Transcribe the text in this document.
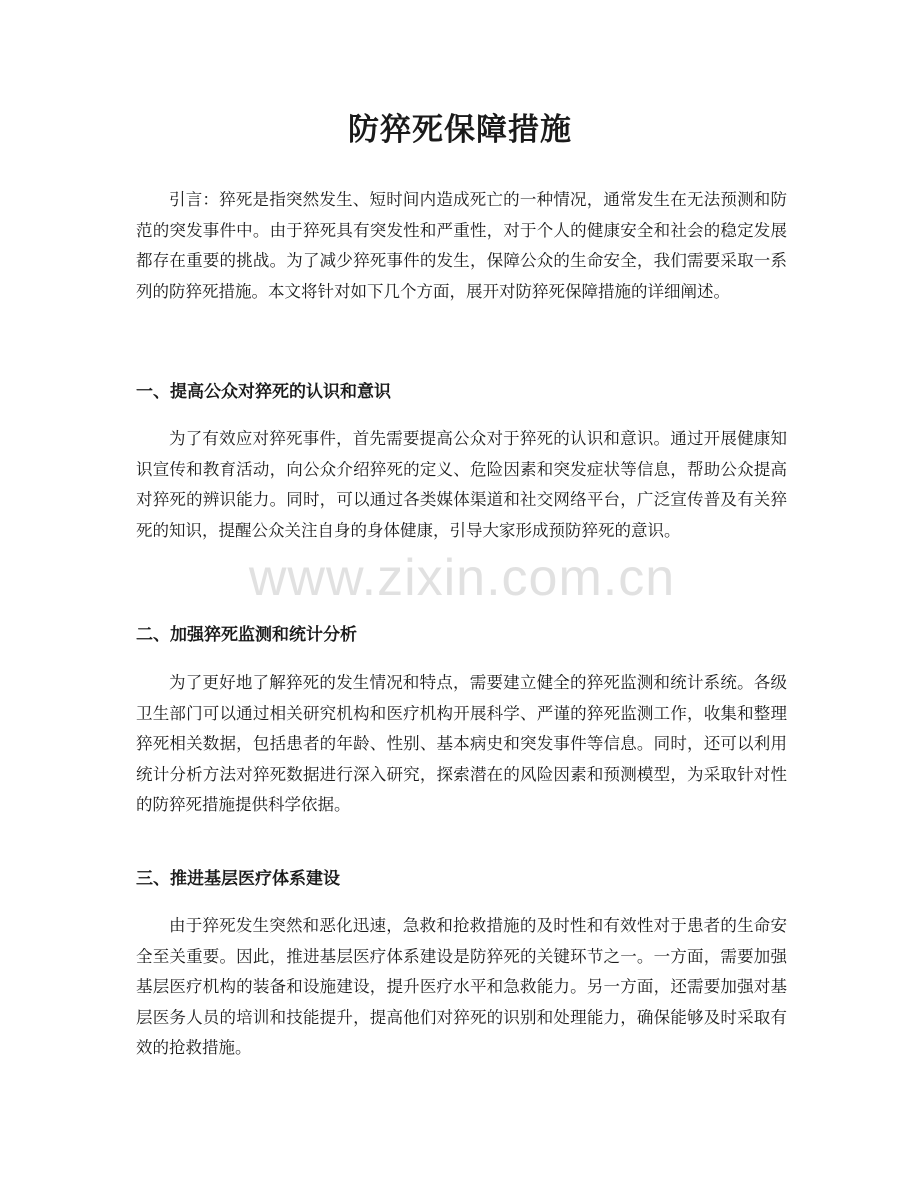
防猝死保障措施

引言：猝死是指突然发生、短时间内造成死亡的一种情况，通常发生在无法预测和防范的突发事件中。由于猝死具有突发性和严重性，对于个人的健康安全和社会的稳定发展都存在重要的挑战。为了减少猝死事件的发生，保障公众的生命安全，我们需要采取一系列的防猝死措施。本文将针对如下几个方面，展开对防猝死保障措施的详细阐述。

一、提高公众对猝死的认识和意识

为了有效应对猝死事件，首先需要提高公众对于猝死的认识和意识。通过开展健康知识宣传和教育活动，向公众介绍猝死的定义、危险因素和突发症状等信息，帮助公众提高对猝死的辨识能力。同时，可以通过各类媒体渠道和社交网络平台，广泛宣传普及有关猝死的知识，提醒公众关注自身的身体健康，引导大家形成预防猝死的意识。

二、加强猝死监测和统计分析

为了更好地了解猝死的发生情况和特点，需要建立健全的猝死监测和统计系统。各级卫生部门可以通过相关研究机构和医疗机构开展科学、严谨的猝死监测工作，收集和整理猝死相关数据，包括患者的年龄、性别、基本病史和突发事件等信息。同时，还可以利用统计分析方法对猝死数据进行深入研究，探索潜在的风险因素和预测模型，为采取针对性的防猝死措施提供科学依据。

三、推进基层医疗体系建设

由于猝死发生突然和恶化迅速，急救和抢救措施的及时性和有效性对于患者的生命安全至关重要。因此，推进基层医疗体系建设是防猝死的关键环节之一。一方面，需要加强基层医疗机构的装备和设施建设，提升医疗水平和急救能力。另一方面，还需要加强对基层医务人员的培训和技能提升，提高他们对猝死的识别和处理能力，确保能够及时采取有效的抢救措施。

www.zixin.com.cn
